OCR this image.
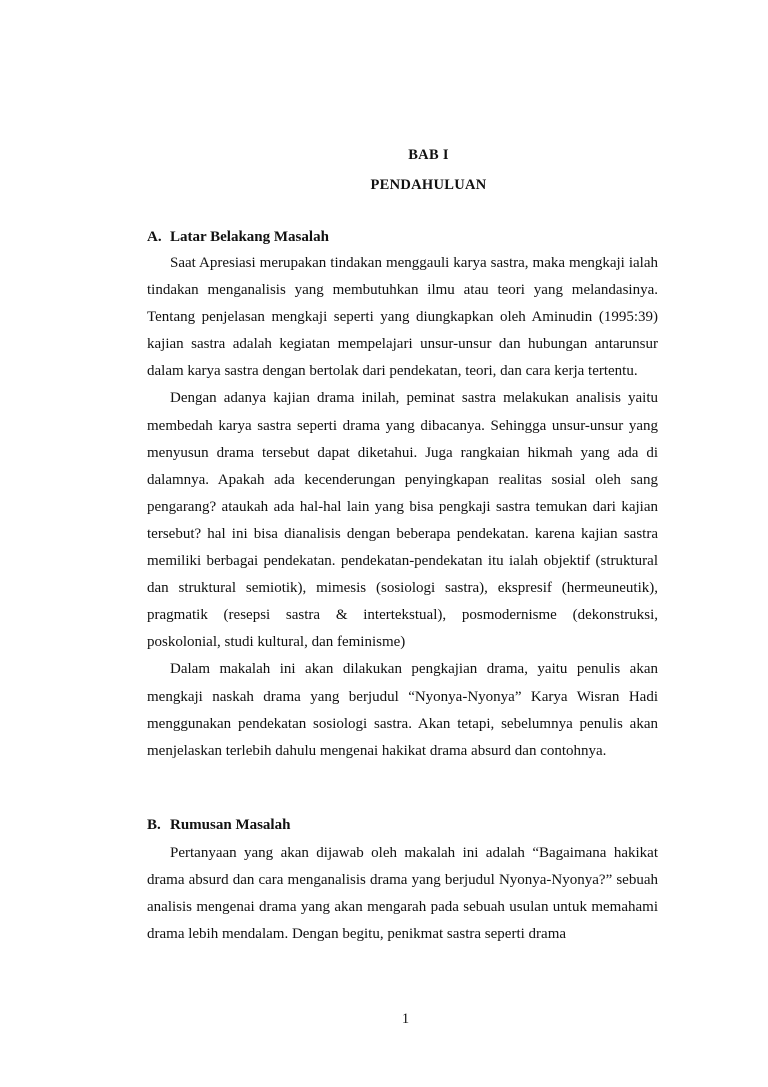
BAB I
PENDAHULUAN
A. Latar Belakang Masalah

Saat Apresiasi merupakan tindakan menggauli karya sastra, maka mengkaji ialah tindakan menganalisis yang membutuhkan ilmu atau teori yang melandasinya. Tentang penjelasan mengkaji seperti yang diungkapkan oleh Aminudin (1995:39) kajian sastra adalah kegiatan mempelajari unsur-unsur dan hubungan antarunsur dalam karya sastra dengan bertolak dari pendekatan, teori, dan cara kerja tertentu.

Dengan adanya kajian drama inilah, peminat sastra melakukan analisis yaitu membedah karya sastra seperti drama yang dibacanya. Sehingga unsur-unsur yang menyusun drama tersebut dapat diketahui. Juga rangkaian hikmah yang ada di dalamnya. Apakah ada kecenderungan penyingkapan realitas sosial oleh sang pengarang? ataukah ada hal-hal lain yang bisa pengkaji sastra temukan dari kajian tersebut? hal ini bisa dianalisis dengan beberapa pendekatan. karena kajian sastra memiliki berbagai pendekatan. pendekatan-pendekatan itu ialah objektif (struktural dan struktural semiotik), mimesis (sosiologi sastra), ekspresif (hermeuneutik), pragmatik (resepsi sastra & intertekstual), posmodernisme (dekonstruksi, poskolonial, studi kultural, dan feminisme)

Dalam makalah ini akan dilakukan pengkajian drama, yaitu penulis akan mengkaji naskah drama yang berjudul “Nyonya-Nyonya” Karya Wisran Hadi menggunakan pendekatan sosiologi sastra. Akan tetapi, sebelumnya penulis akan menjelaskan terlebih dahulu mengenai hakikat drama absurd dan contohnya.

B. Rumusan Masalah

Pertanyaan yang akan dijawab oleh makalah ini adalah “Bagaimana hakikat drama absurd dan cara menganalisis drama yang berjudul Nyonya-Nyonya?” sebuah analisis mengenai drama yang akan mengarah pada sebuah usulan untuk memahami drama lebih mendalam. Dengan begitu, penikmat sastra seperti drama

1
